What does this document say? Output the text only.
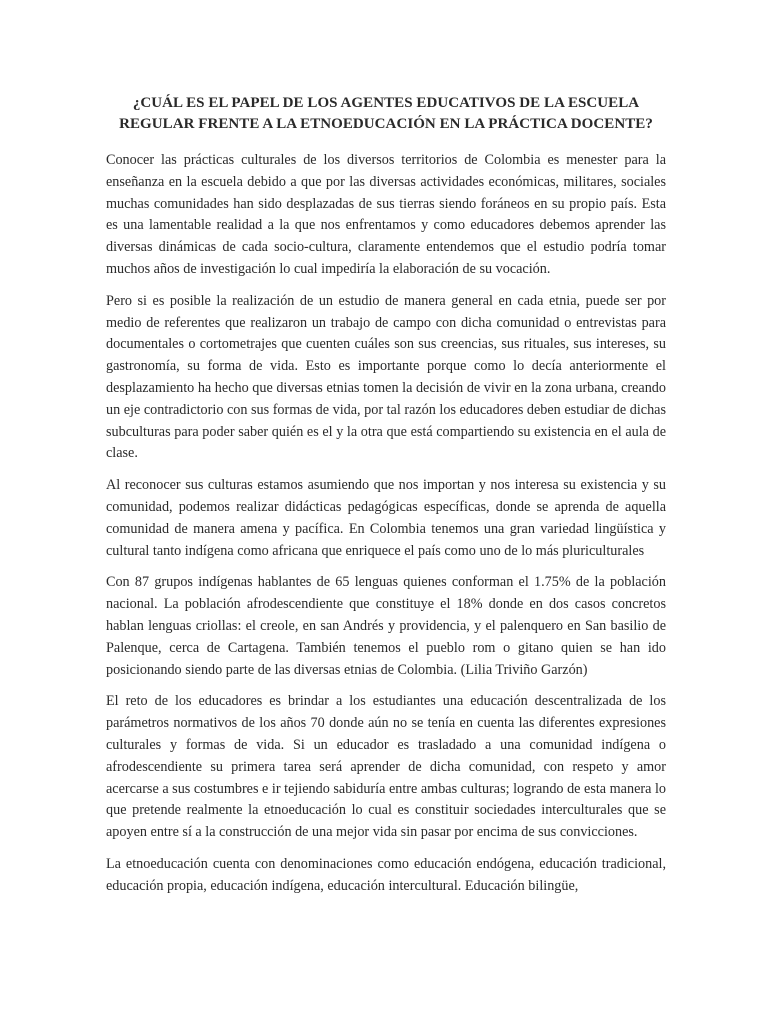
¿CUÁL ES EL PAPEL DE LOS AGENTES EDUCATIVOS DE LA ESCUELA
REGULAR FRENTE A LA ETNOEDUCACIÓN EN LA PRÁCTICA DOCENTE?

Conocer las prácticas culturales de los diversos territorios de Colombia es menester para la enseñanza en la escuela debido a que por las diversas actividades económicas, militares, sociales muchas comunidades han sido desplazadas de sus tierras siendo foráneos en su propio país. Esta es una lamentable realidad a la que nos enfrentamos y como educadores debemos aprender las diversas dinámicas de cada socio-cultura, claramente entendemos que el estudio podría tomar muchos años de investigación lo cual impediría la elaboración de su vocación.

Pero si es posible la realización de un estudio de manera general en cada etnia, puede ser por medio de referentes que realizaron un trabajo de campo con dicha comunidad o entrevistas para documentales o cortometrajes que cuenten cuáles son sus creencias, sus rituales, sus intereses, su gastronomía, su forma de vida. Esto es importante porque como lo decía anteriormente el desplazamiento ha hecho que diversas etnias tomen la decisión de vivir en la zona urbana, creando un eje contradictorio con sus formas de vida, por tal razón los educadores deben estudiar de dichas subculturas para poder saber quién es el y la otra que está compartiendo su existencia en el aula de clase.

Al reconocer sus culturas estamos asumiendo que nos importan y nos interesa su existencia y su comunidad, podemos realizar didácticas pedagógicas específicas, donde se aprenda de aquella comunidad de manera amena y pacífica. En Colombia tenemos una gran variedad lingüística y cultural tanto indígena como africana que enriquece el país como uno de lo más pluriculturales

Con 87 grupos indígenas hablantes de 65 lenguas quienes conforman el 1.75% de la población nacional. La población afrodescendiente que constituye el 18% donde en dos casos concretos hablan lenguas criollas: el creole, en san Andrés y providencia, y el palenquero en San basilio de Palenque, cerca de Cartagena. También tenemos el pueblo rom o gitano quien se han ido posicionando siendo parte de las diversas etnias de Colombia. (Lilia Triviño Garzón)

El reto de los educadores es brindar a los estudiantes una educación descentralizada de los parámetros normativos de los años 70 donde aún no se tenía en cuenta las diferentes expresiones culturales y formas de vida. Si un educador es trasladado a una comunidad indígena o afrodescendiente su primera tarea será aprender de dicha comunidad, con respeto y amor acercarse a sus costumbres e ir tejiendo sabiduría entre ambas culturas; logrando de esta manera lo que pretende realmente la etnoeducación lo cual es constituir sociedades interculturales que se apoyen entre sí a la construcción de una mejor vida sin pasar por encima de sus convicciones.

La etnoeducación cuenta con denominaciones como educación endógena, educación tradicional, educación propia, educación indígena, educación intercultural. Educación bilingüe,
